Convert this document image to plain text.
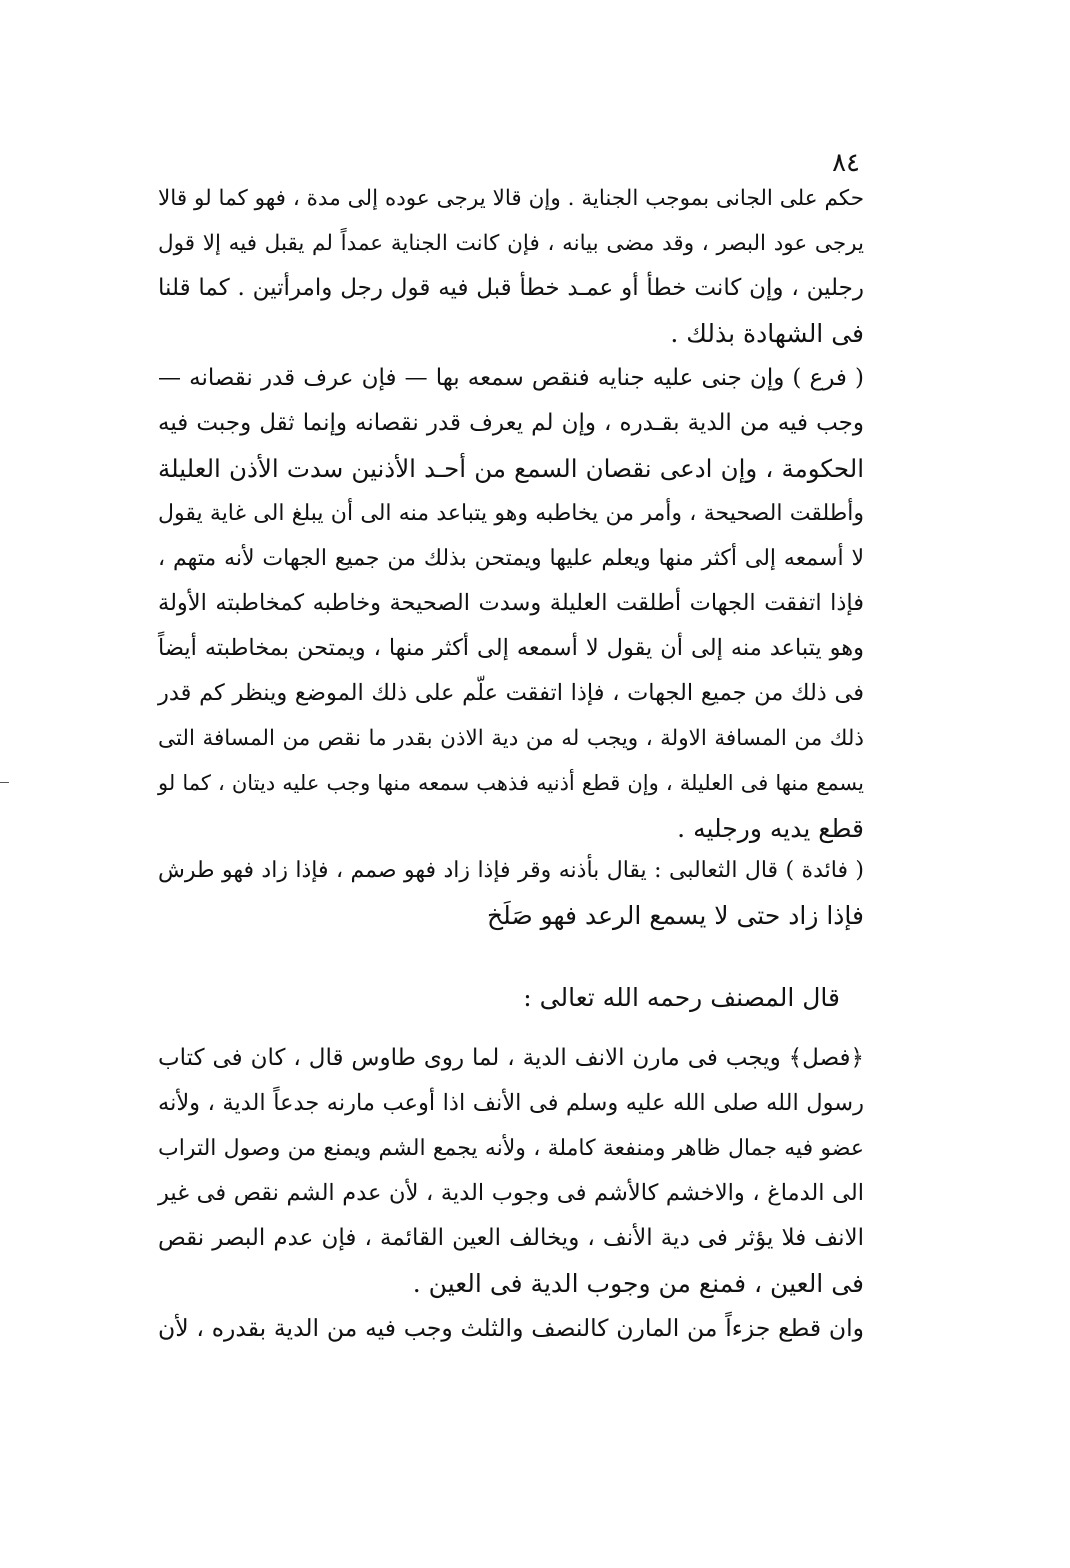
٨٤
حكم على الجانى بموجب الجناية . وإن قالا يرجى عوده إلى مدة ، فهو كما لو قالا
يرجى عود البصر ، وقد مضى بيانه ، فإن كانت الجناية عمداً لم يقبل فيه إلا قول
رجلين ، وإن كانت خطأ أو عمـد خطأ قبل فيه قول رجل وامرأتين . كما قلنا
فى الشهادة بذلك .
( فرع ) وإن جنى عليه جنايه فنقص سمعه بها — فإن عرف قدر نقصانه —
وجب فيه من الدية بقـدره ، وإن لم يعرف قدر نقصانه وإنما ثقل وجبت فيه
الحكومة ، وإن ادعى نقصان السمع من أحـد الأذنين سدت الأذن العليلة
وأطلقت الصحيحة ، وأمر من يخاطبه وهو يتباعد منه الى أن يبلغ الى غاية يقول
لا أسمعه إلى أكثر منها ويعلم عليها ويمتحن بذلك من جميع الجهات لأنه متهم ،
فإذا اتفقت الجهات أطلقت العليلة وسدت الصحيحة وخاطبه كمخاطبته الأولة
وهو يتباعد منه إلى أن يقول لا أسمعه إلى أكثر منها ، ويمتحن بمخاطبته أيضاً
فى ذلك من جميع الجهات ، فإذا اتفقت علّم على ذلك الموضع وينظر كم قدر
ذلك من المسافة الاولة ، ويجب له من دية الاذن بقدر ما نقص من المسافة التى
يسمع منها فى العليلة ، وإن قطع أذنيه فذهب سمعه منها وجب عليه ديتان ، كما لو
قطع يديه ورجليه .
( فائدة ) قال الثعالبى : يقال بأذنه وقر فإذا زاد فهو صمم ، فإذا زاد فهو طرش
فإذا زاد حتى لا يسمع الرعد فهو صَلَخ
قال المصنف رحمه الله تعالى :
﴿فصل﴾ ويجب فى مارن الانف الدية ، لما روى طاوس قال ، كان فى كتاب
رسول الله صلى الله عليه وسلم فى الأنف اذا أوعب مارنه جدعاً الدية ، ولأنه
عضو فيه جمال ظاهر ومنفعة كاملة ، ولأنه يجمع الشم ويمنع من وصول التراب
الى الدماغ ، والاخشم كالأشم فى وجوب الدية ، لأن عدم الشم نقص فى غير
الانف فلا يؤثر فى دية الأنف ، ويخالف العين القائمة ، فإن عدم البصر نقص
فى العين ، فمنع من وجوب الدية فى العين .
وان قطع جزءاً من المارن كالنصف والثلث وجب فيه من الدية بقدره ، لأن
